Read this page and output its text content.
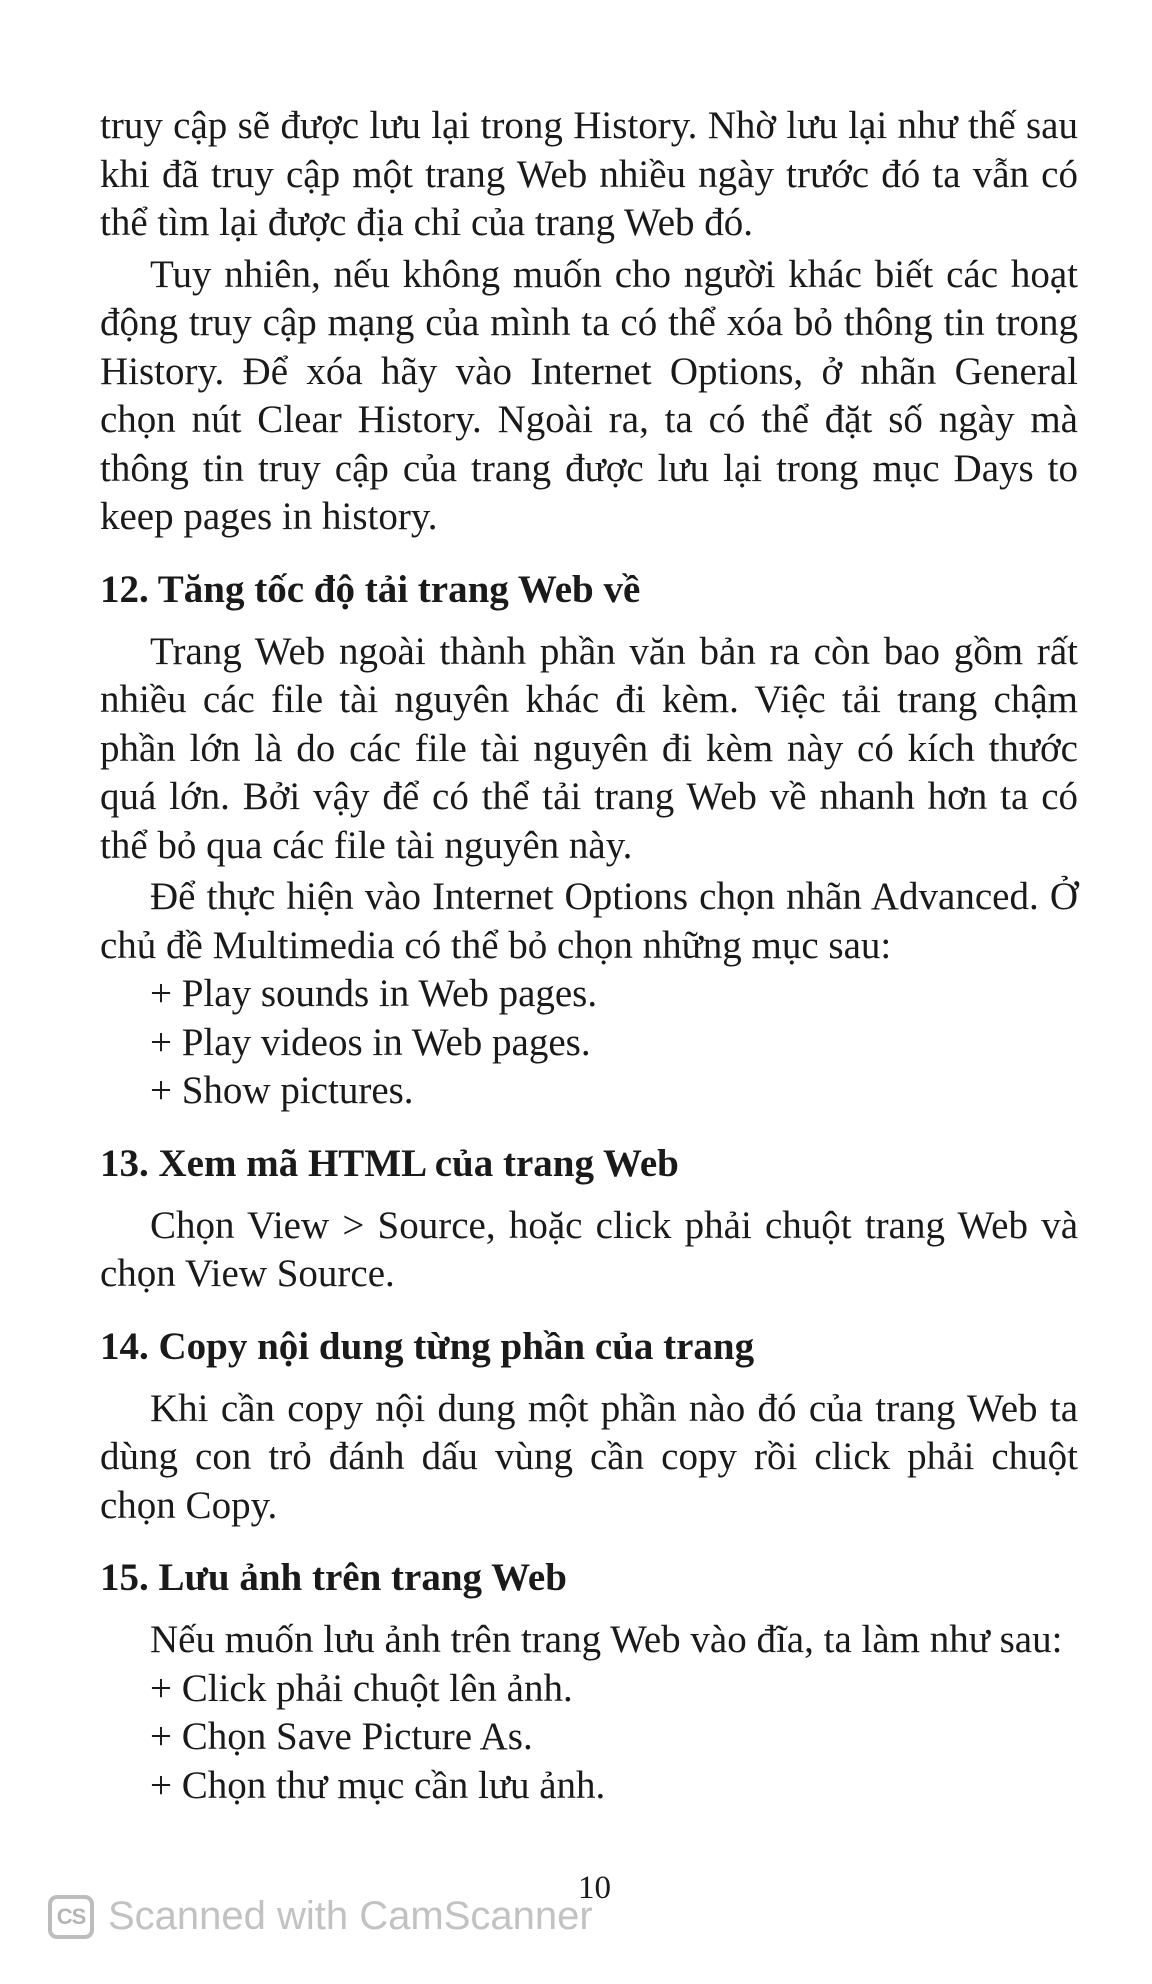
truy cập sẽ được lưu lại trong History. Nhờ lưu lại như thế sau khi đã truy cập một trang Web nhiều ngày trước đó ta vẫn có thể tìm lại được địa chỉ của trang Web đó.

Tuy nhiên, nếu không muốn cho người khác biết các hoạt động truy cập mạng của mình ta có thể xóa bỏ thông tin trong History. Để xóa hãy vào Internet Options, ở nhãn General chọn nút Clear History. Ngoài ra, ta có thể đặt số ngày mà thông tin truy cập của trang được lưu lại trong mục Days to keep pages in history.

12. Tăng tốc độ tải trang Web về

Trang Web ngoài thành phần văn bản ra còn bao gồm rất nhiều các file tài nguyên khác đi kèm. Việc tải trang chậm phần lớn là do các file tài nguyên đi kèm này có kích thước quá lớn. Bởi vậy để có thể tải trang Web về nhanh hơn ta có thể bỏ qua các file tài nguyên này.

Để thực hiện vào Internet Options chọn nhãn Advanced. Ở chủ đề Multimedia có thể bỏ chọn những mục sau:

+ Play sounds in Web pages.

+ Play videos in Web pages.

+ Show pictures.

13. Xem mã HTML của trang Web

Chọn View > Source, hoặc click phải chuột trang Web và chọn View Source.

14. Copy nội dung từng phần của trang

Khi cần copy nội dung một phần nào đó của trang Web ta dùng con trỏ đánh dấu vùng cần copy rồi click phải chuột chọn Copy.

15. Lưu ảnh trên trang Web

Nếu muốn lưu ảnh trên trang Web vào đĩa, ta làm như sau:

+ Click phải chuột lên ảnh.

+ Chọn Save Picture As.

+ Chọn thư mục cần lưu ảnh.

10
CS Scanned with CamScanner
